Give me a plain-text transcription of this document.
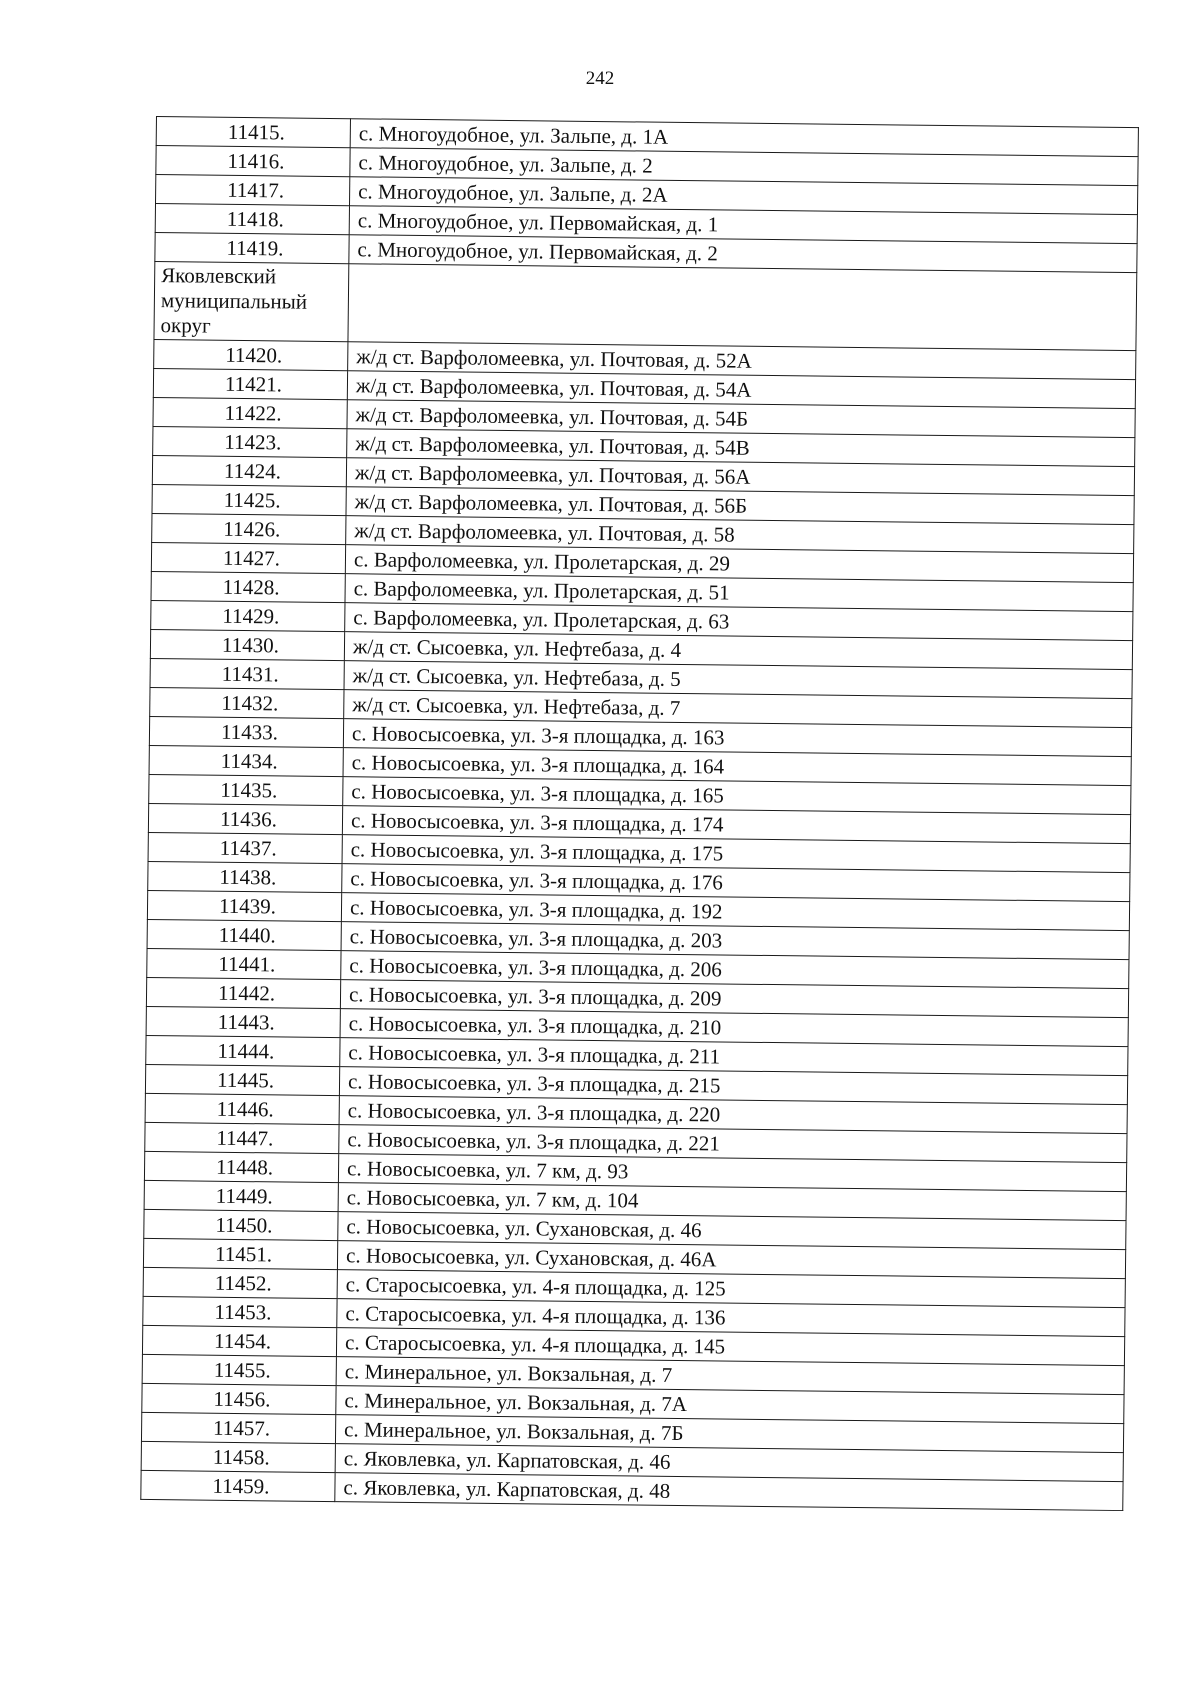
242
11415.	с. Многоудобное, ул. Зальпе, д. 1А
11416.	с. Многоудобное, ул. Зальпе, д. 2
11417.	с. Многоудобное, ул. Зальпе, д. 2А
11418.	с. Многоудобное, ул. Первомайская, д. 1
11419.	с. Многоудобное, ул. Первомайская, д. 2
Яковлевский
муниципальный
округ	
11420.	ж/д ст. Варфоломеевка, ул. Почтовая, д. 52А
11421.	ж/д ст. Варфоломеевка, ул. Почтовая, д. 54А
11422.	ж/д ст. Варфоломеевка, ул. Почтовая, д. 54Б
11423.	ж/д ст. Варфоломеевка, ул. Почтовая, д. 54В
11424.	ж/д ст. Варфоломеевка, ул. Почтовая, д. 56А
11425.	ж/д ст. Варфоломеевка, ул. Почтовая, д. 56Б
11426.	ж/д ст. Варфоломеевка, ул. Почтовая, д. 58
11427.	с. Варфоломеевка, ул. Пролетарская, д. 29
11428.	с. Варфоломеевка, ул. Пролетарская, д. 51
11429.	с. Варфоломеевка, ул. Пролетарская, д. 63
11430.	ж/д ст. Сысоевка, ул. Нефтебаза, д. 4
11431.	ж/д ст. Сысоевка, ул. Нефтебаза, д. 5
11432.	ж/д ст. Сысоевка, ул. Нефтебаза, д. 7
11433.	с. Новосысоевка, ул. 3-я площадка, д. 163
11434.	с. Новосысоевка, ул. 3-я площадка, д. 164
11435.	с. Новосысоевка, ул. 3-я площадка, д. 165
11436.	с. Новосысоевка, ул. 3-я площадка, д. 174
11437.	с. Новосысоевка, ул. 3-я площадка, д. 175
11438.	с. Новосысоевка, ул. 3-я площадка, д. 176
11439.	с. Новосысоевка, ул. 3-я площадка, д. 192
11440.	с. Новосысоевка, ул. 3-я площадка, д. 203
11441.	с. Новосысоевка, ул. 3-я площадка, д. 206
11442.	с. Новосысоевка, ул. 3-я площадка, д. 209
11443.	с. Новосысоевка, ул. 3-я площадка, д. 210
11444.	с. Новосысоевка, ул. 3-я площадка, д. 211
11445.	с. Новосысоевка, ул. 3-я площадка, д. 215
11446.	с. Новосысоевка, ул. 3-я площадка, д. 220
11447.	с. Новосысоевка, ул. 3-я площадка, д. 221
11448.	с. Новосысоевка, ул. 7 км, д. 93
11449.	с. Новосысоевка, ул. 7 км, д. 104
11450.	с. Новосысоевка, ул. Сухановская, д. 46
11451.	с. Новосысоевка, ул. Сухановская, д. 46А
11452.	с. Старосысоевка, ул. 4-я площадка, д. 125
11453.	с. Старосысоевка, ул. 4-я площадка, д. 136
11454.	с. Старосысоевка, ул. 4-я площадка, д. 145
11455.	с. Минеральное, ул. Вокзальная, д. 7
11456.	с. Минеральное, ул. Вокзальная, д. 7А
11457.	с. Минеральное, ул. Вокзальная, д. 7Б
11458.	с. Яковлевка, ул. Карпатовская, д. 46
11459.	с. Яковлевка, ул. Карпатовская, д. 48
